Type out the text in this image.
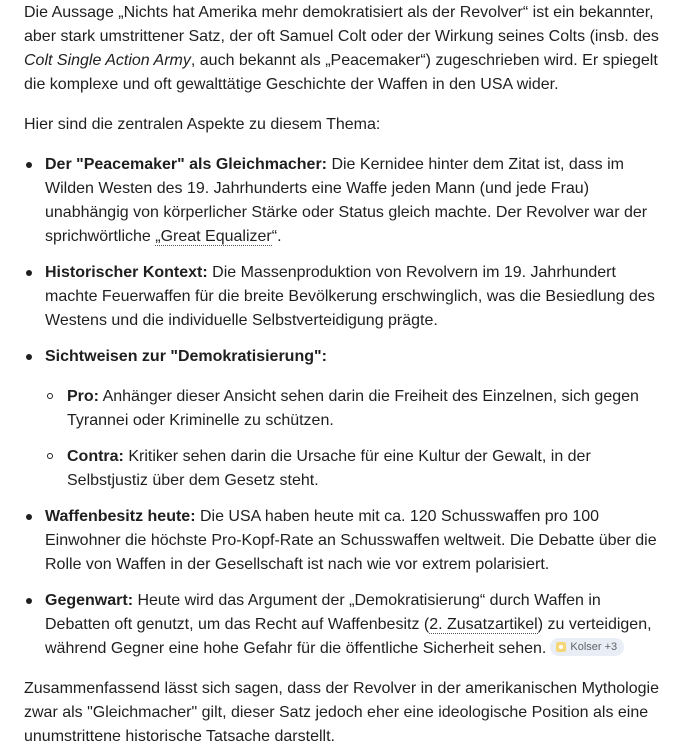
Die Aussage „Nichts hat Amerika mehr demokratisiert als der Revolver“ ist ein bekannter, aber stark umstrittener Satz, der oft Samuel Colt oder der Wirkung seines Colts (insb. des Colt Single Action Army, auch bekannt als „Peacemaker“) zugeschrieben wird. Er spiegelt die komplexe und oft gewalttätige Geschichte der Waffen in den USA wider.

Hier sind die zentralen Aspekte zu diesem Thema:

Der "Peacemaker" als Gleichmacher: Die Kernidee hinter dem Zitat ist, dass im Wilden Westen des 19. Jahrhunderts eine Waffe jeden Mann (und jede Frau) unabhängig von körperlicher Stärke oder Status gleich machte. Der Revolver war der sprichwörtliche „Great Equalizer“.
Historischer Kontext: Die Massenproduktion von Revolvern im 19. Jahrhundert machte Feuerwaffen für die breite Bevölkerung erschwinglich, was die Besiedlung des Westens und die individuelle Selbstverteidigung prägte.
Sichtweisen zur "Demokratisierung":
Pro: Anhänger dieser Ansicht sehen darin die Freiheit des Einzelnen, sich gegen Tyrannei oder Kriminelle zu schützen.
Contra: Kritiker sehen darin die Ursache für eine Kultur der Gewalt, in der Selbstjustiz über dem Gesetz steht.
Waffenbesitz heute: Die USA haben heute mit ca. 120 Schusswaffen pro 100 Einwohner die höchste Pro-Kopf-Rate an Schusswaffen weltweit. Die Debatte über die Rolle von Waffen in der Gesellschaft ist nach wie vor extrem polarisiert.
Gegenwart: Heute wird das Argument der „Demokratisierung“ durch Waffen in Debatten oft genutzt, um das Recht auf Waffenbesitz (2. Zusatzartikel) zu verteidigen, während Gegner eine hohe Gefahr für die öffentliche Sicherheit sehen. Kolser +3

Zusammenfassend lässt sich sagen, dass der Revolver in der amerikanischen Mythologie zwar als "Gleichmacher" gilt, dieser Satz jedoch eher eine ideologische Position als eine unumstrittene historische Tatsache darstellt.
